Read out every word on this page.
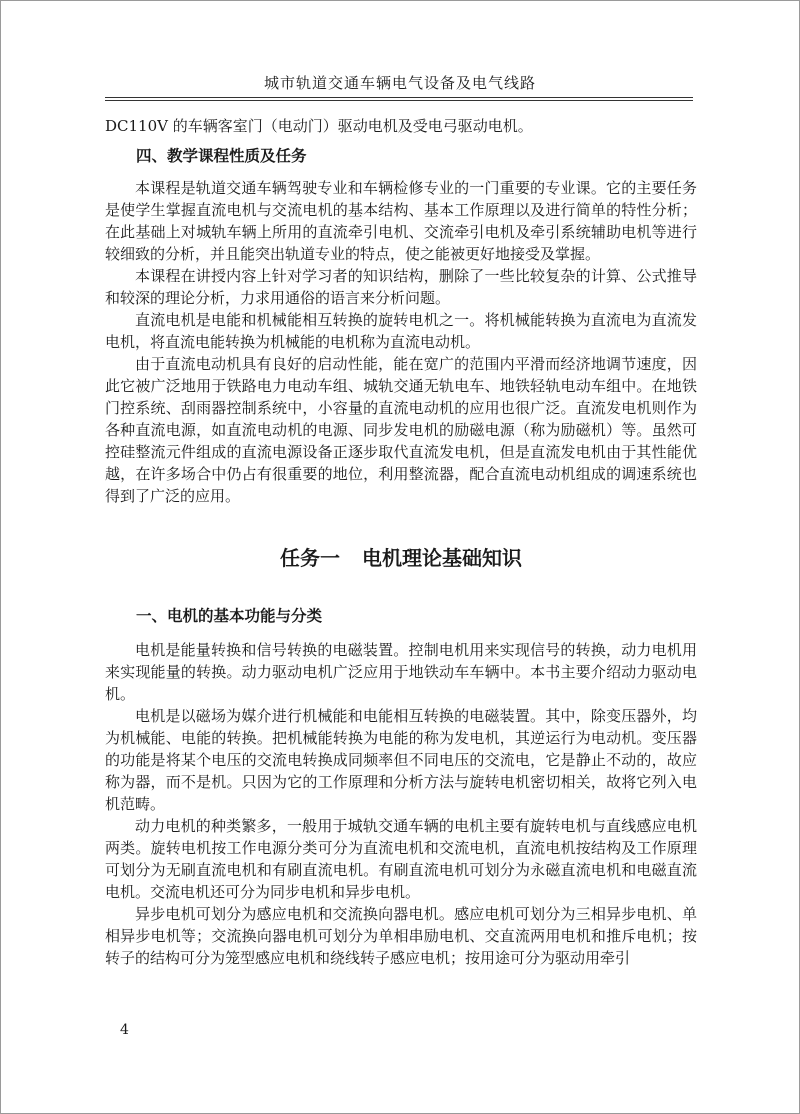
城市轨道交通车辆电气设备及电气线路

DC110V 的车辆客室门（电动门）驱动电机及受电弓驱动电机。

四、教学课程性质及任务

本课程是轨道交通车辆驾驶专业和车辆检修专业的一门重要的专业课。它的主要任务是使学生掌握直流电机与交流电机的基本结构、基本工作原理以及进行简单的特性分析；在此基础上对城轨车辆上所用的直流牵引电机、交流牵引电机及牵引系统辅助电机等进行较细致的分析，并且能突出轨道专业的特点，使之能被更好地接受及掌握。

本课程在讲授内容上针对学习者的知识结构，删除了一些比较复杂的计算、公式推导和较深的理论分析，力求用通俗的语言来分析问题。

直流电机是电能和机械能相互转换的旋转电机之一。将机械能转换为直流电为直流发电机，将直流电能转换为机械能的电机称为直流电动机。

由于直流电动机具有良好的启动性能，能在宽广的范围内平滑而经济地调节速度，因此它被广泛地用于铁路电力电动车组、城轨交通无轨电车、地铁轻轨电动车组中。在地铁门控系统、刮雨器控制系统中，小容量的直流电动机的应用也很广泛。直流发电机则作为各种直流电源，如直流电动机的电源、同步发电机的励磁电源（称为励磁机）等。虽然可控硅整流元件组成的直流电源设备正逐步取代直流发电机，但是直流发电机由于其性能优越，在许多场合中仍占有很重要的地位，利用整流器，配合直流电动机组成的调速系统也得到了广泛的应用。

任务一 电机理论基础知识
一、电机的基本功能与分类

电机是能量转换和信号转换的电磁装置。控制电机用来实现信号的转换，动力电机用来实现能量的转换。动力驱动电机广泛应用于地铁动车车辆中。本书主要介绍动力驱动电机。

电机是以磁场为媒介进行机械能和电能相互转换的电磁装置。其中，除变压器外，均为机械能、电能的转换。把机械能转换为电能的称为发电机，其逆运行为电动机。变压器的功能是将某个电压的交流电转换成同频率但不同电压的交流电，它是静止不动的，故应称为器，而不是机。只因为它的工作原理和分析方法与旋转电机密切相关，故将它列入电机范畴。

动力电机的种类繁多，一般用于城轨交通车辆的电机主要有旋转电机与直线感应电机两类。旋转电机按工作电源分类可分为直流电机和交流电机，直流电机按结构及工作原理可划分为无刷直流电机和有刷直流电机。有刷直流电机可划分为永磁直流电机和电磁直流电机。交流电机还可分为同步电机和异步电机。

异步电机可划分为感应电机和交流换向器电机。感应电机可划分为三相异步电机、单相异步电机等；交流换向器电机可划分为单相串励电机、交直流两用电机和推斥电机；按转子的结构可分为笼型感应电机和绕线转子感应电机；按用途可分为驱动用牵引

4
